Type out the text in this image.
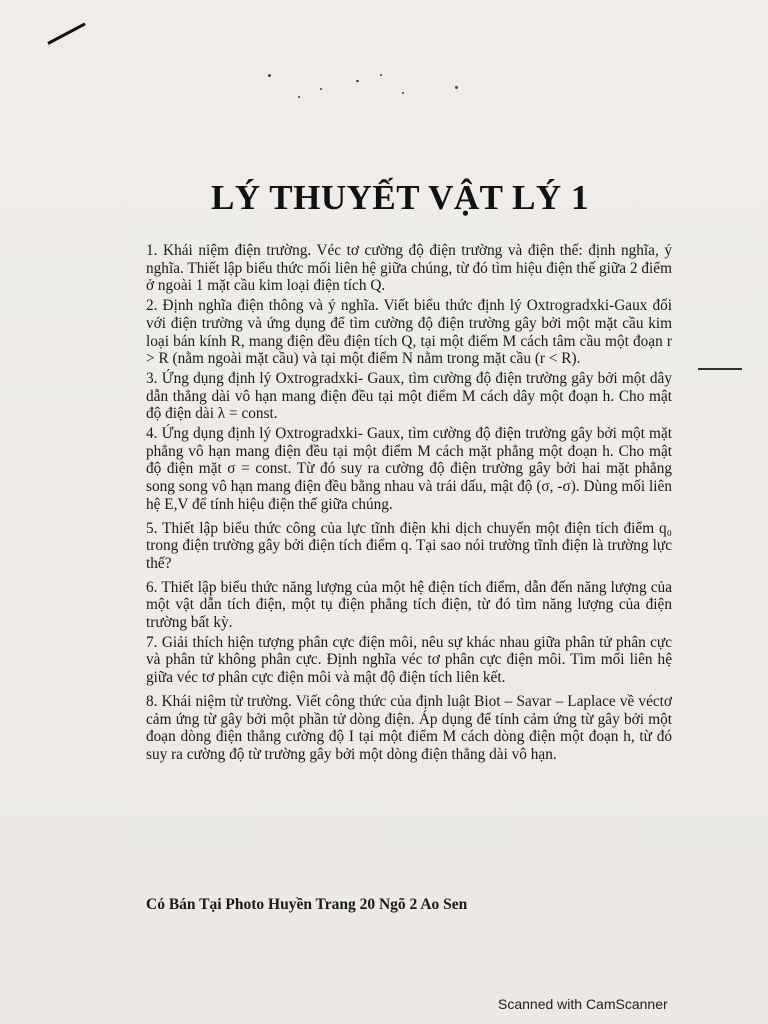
LÝ THUYẾT VẬT LÝ 1

1. Khái niệm điện trường. Véc tơ cường độ điện trường và điện thế: định nghĩa, ý nghĩa. Thiết lập biểu thức mối liên hệ giữa chúng, từ đó tìm hiệu điện thế giữa 2 điểm ở ngoài 1 mặt cầu kim loại điện tích Q.

2. Định nghĩa điện thông và ý nghĩa. Viết biểu thức định lý Oxtrogradxki-Gaux đối với điện trường và ứng dụng để tìm cường độ điện trường gây bởi một mặt cầu kim loại bán kính R, mang điện đều điện tích Q, tại một điểm M cách tâm cầu một đoạn r > R (nằm ngoài mặt cầu) và tại một điểm N nằm trong mặt cầu (r < R).

3. Ứng dụng định lý Oxtrogradxki- Gaux, tìm cường độ điện trường gây bởi một dây dẫn thẳng dài vô hạn mang điện đều tại một điểm M cách dây một đoạn h. Cho mật độ điện dài λ = const.

4. Ứng dụng định lý Oxtrogradxki- Gaux, tìm cường độ điện trường gây bởi một mặt phẳng vô hạn mang điện đều tại một điểm M cách mặt phẳng một đoạn h. Cho mật độ điện mặt σ = const. Từ đó suy ra cường độ điện trường gây bởi hai mặt phẳng song song vô hạn mang điện đều bằng nhau và trái dấu, mật độ (σ, -σ). Dùng mối liên hệ E,V để tính hiệu điện thế giữa chúng.

5. Thiết lập biểu thức công của lực tĩnh điện khi dịch chuyển một điện tích điểm q₀ trong điện trường gây bởi điện tích điểm q. Tại sao nói trường tĩnh điện là trường lực thế?

6. Thiết lập biểu thức năng lượng của một hệ điện tích điểm, dẫn đến năng lượng của một vật dẫn tích điện, một tụ điện phẳng tích điện, từ đó tìm năng lượng của điện trường bất kỳ.

7. Giải thích hiện tượng phân cực điện môi, nêu sự khác nhau giữa phân tử phân cực và phân tử không phân cực. Định nghĩa véc tơ phân cực điện môi. Tìm mối liên hệ giữa véc tơ phân cực điện môi và mật độ điện tích liên kết.

8. Khái niệm từ trường. Viết công thức của định luật Biot – Savar – Laplace về véctơ cảm ứng từ gây bởi một phần tử dòng điện. Áp dụng để tính cảm ứng từ gây bởi một đoạn dòng điện thẳng cường độ I tại một điểm M cách dòng điện một đoạn h, từ đó suy ra cường độ từ trường gây bởi một dòng điện thẳng dài vô hạn.

Có Bán Tại Photo Huyền Trang 20 Ngõ 2 Ao Sen
Scanned with CamScanner
